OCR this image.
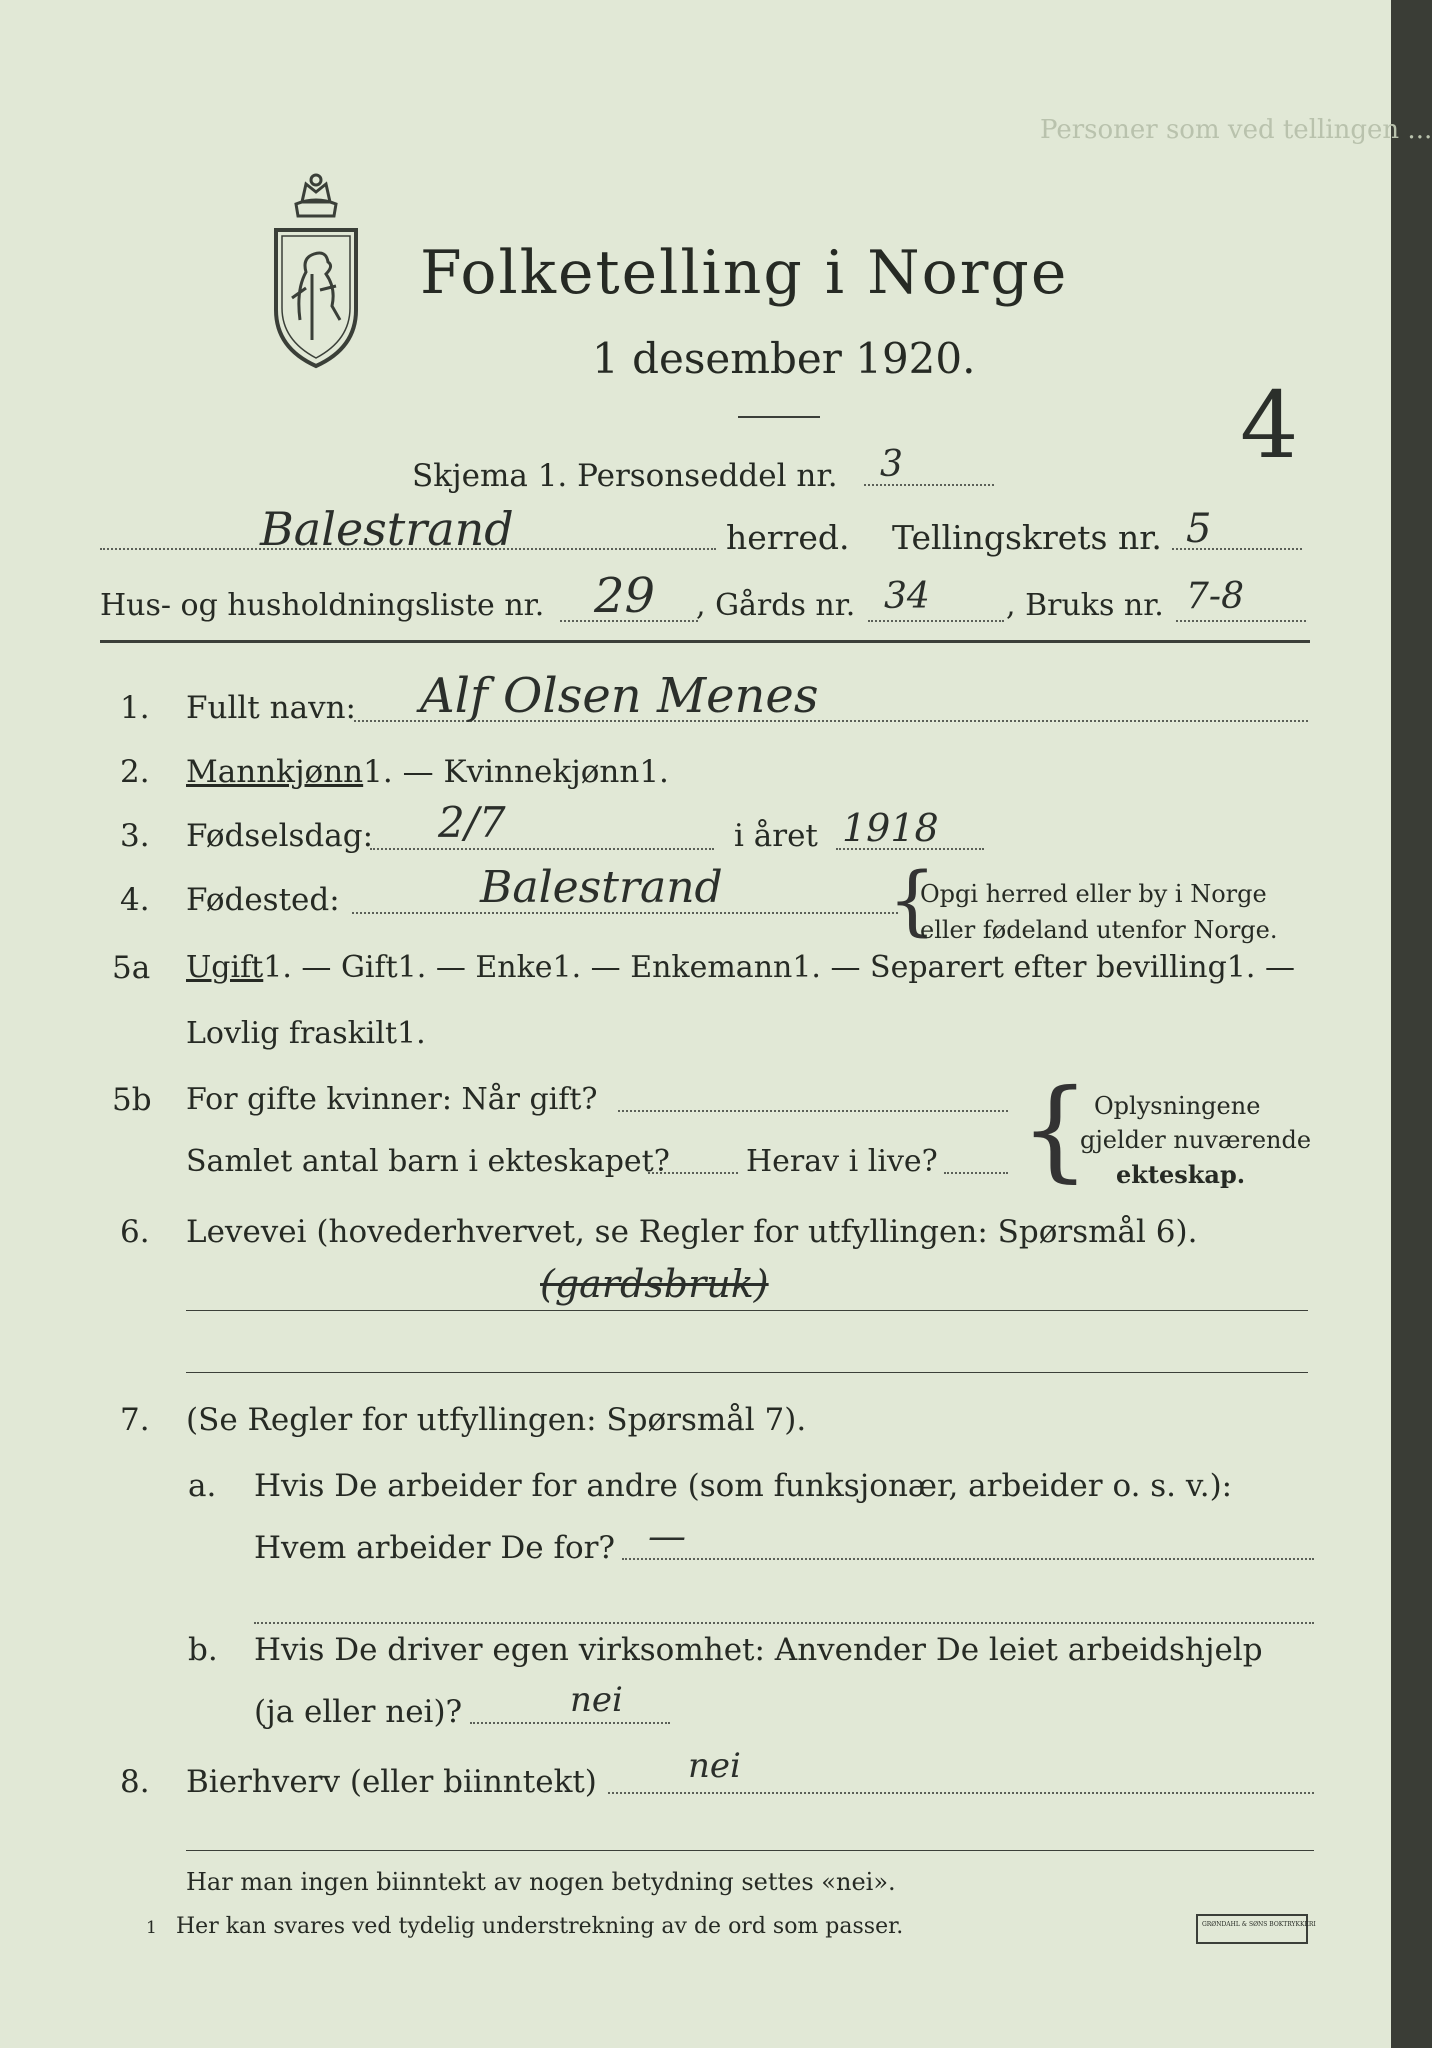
Personer som ved tellingen ...
Folketelling i Norge
1 desember 1920.
Skjema 1. Personseddel nr. 3
Balestrand	herred. Tellingskrets nr. 5
4
Hus- og husholdningsliste nr. 29 , Gårds nr. 34	, Bruks nr. 7-8
1. Fullt navn: Alf Olsen Menes
2. Mannkjønn1. — Kvinnekjønn1.
3. Fødselsdag: 2/7	i året 1918
4. Fødested:	Balestrand {
Opgi herred eller by i Norge
eller fødeland utenfor Norge.
5a Ugift1. — Gift1. — Enke1. — Enkemann1. — Separert efter bevilling1. —
Lovlig fraskilt1.
5b For gifte kvinner: Når gift?
Samlet antal barn i ekteskapet?	Herav i live? { Oplysningene
gjelder nuværende
ekteskap.
6. Levevei (hovederhvervet, se Regler for utfyllingen: Spørsmål 6).
(gardsbruk)
7. (Se Regler for utfyllingen: Spørsmål 7).
a. Hvis De arbeider for andre (som funksjonær, arbeider o. s. v.):
Hvem arbeider De for? —
b. Hvis De driver egen virksomhet: Anvender De leiet arbeidshjelp
(ja eller nei)?	nei
8. Bierhverv (eller biinntekt)	nei
Har man ingen biinntekt av nogen betydning settes «nei».
1 Her kan svares ved tydelig understrekning av de ord som passer.	GRØNDAHL & SØNS BOKTRYKKERI
